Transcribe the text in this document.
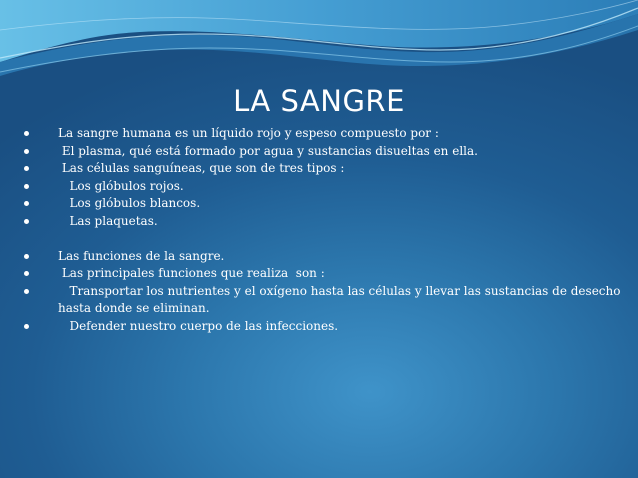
LA SANGRE
La sangre humana es un líquido rojo y espeso compuesto por :
El plasma, qué está formado por agua y sustancias disueltas en ella.
Las células sanguíneas, que son de tres tipos :
Los glóbulos rojos.
Los glóbulos blancos.
Las plaquetas.
Las funciones de la sangre.
Las principales funciones que realiza  son :
Transportar los nutrientes y el oxígeno hasta las células y llevar las sustancias de desecho hasta donde se eliminan.
Defender nuestro cuerpo de las infecciones.
